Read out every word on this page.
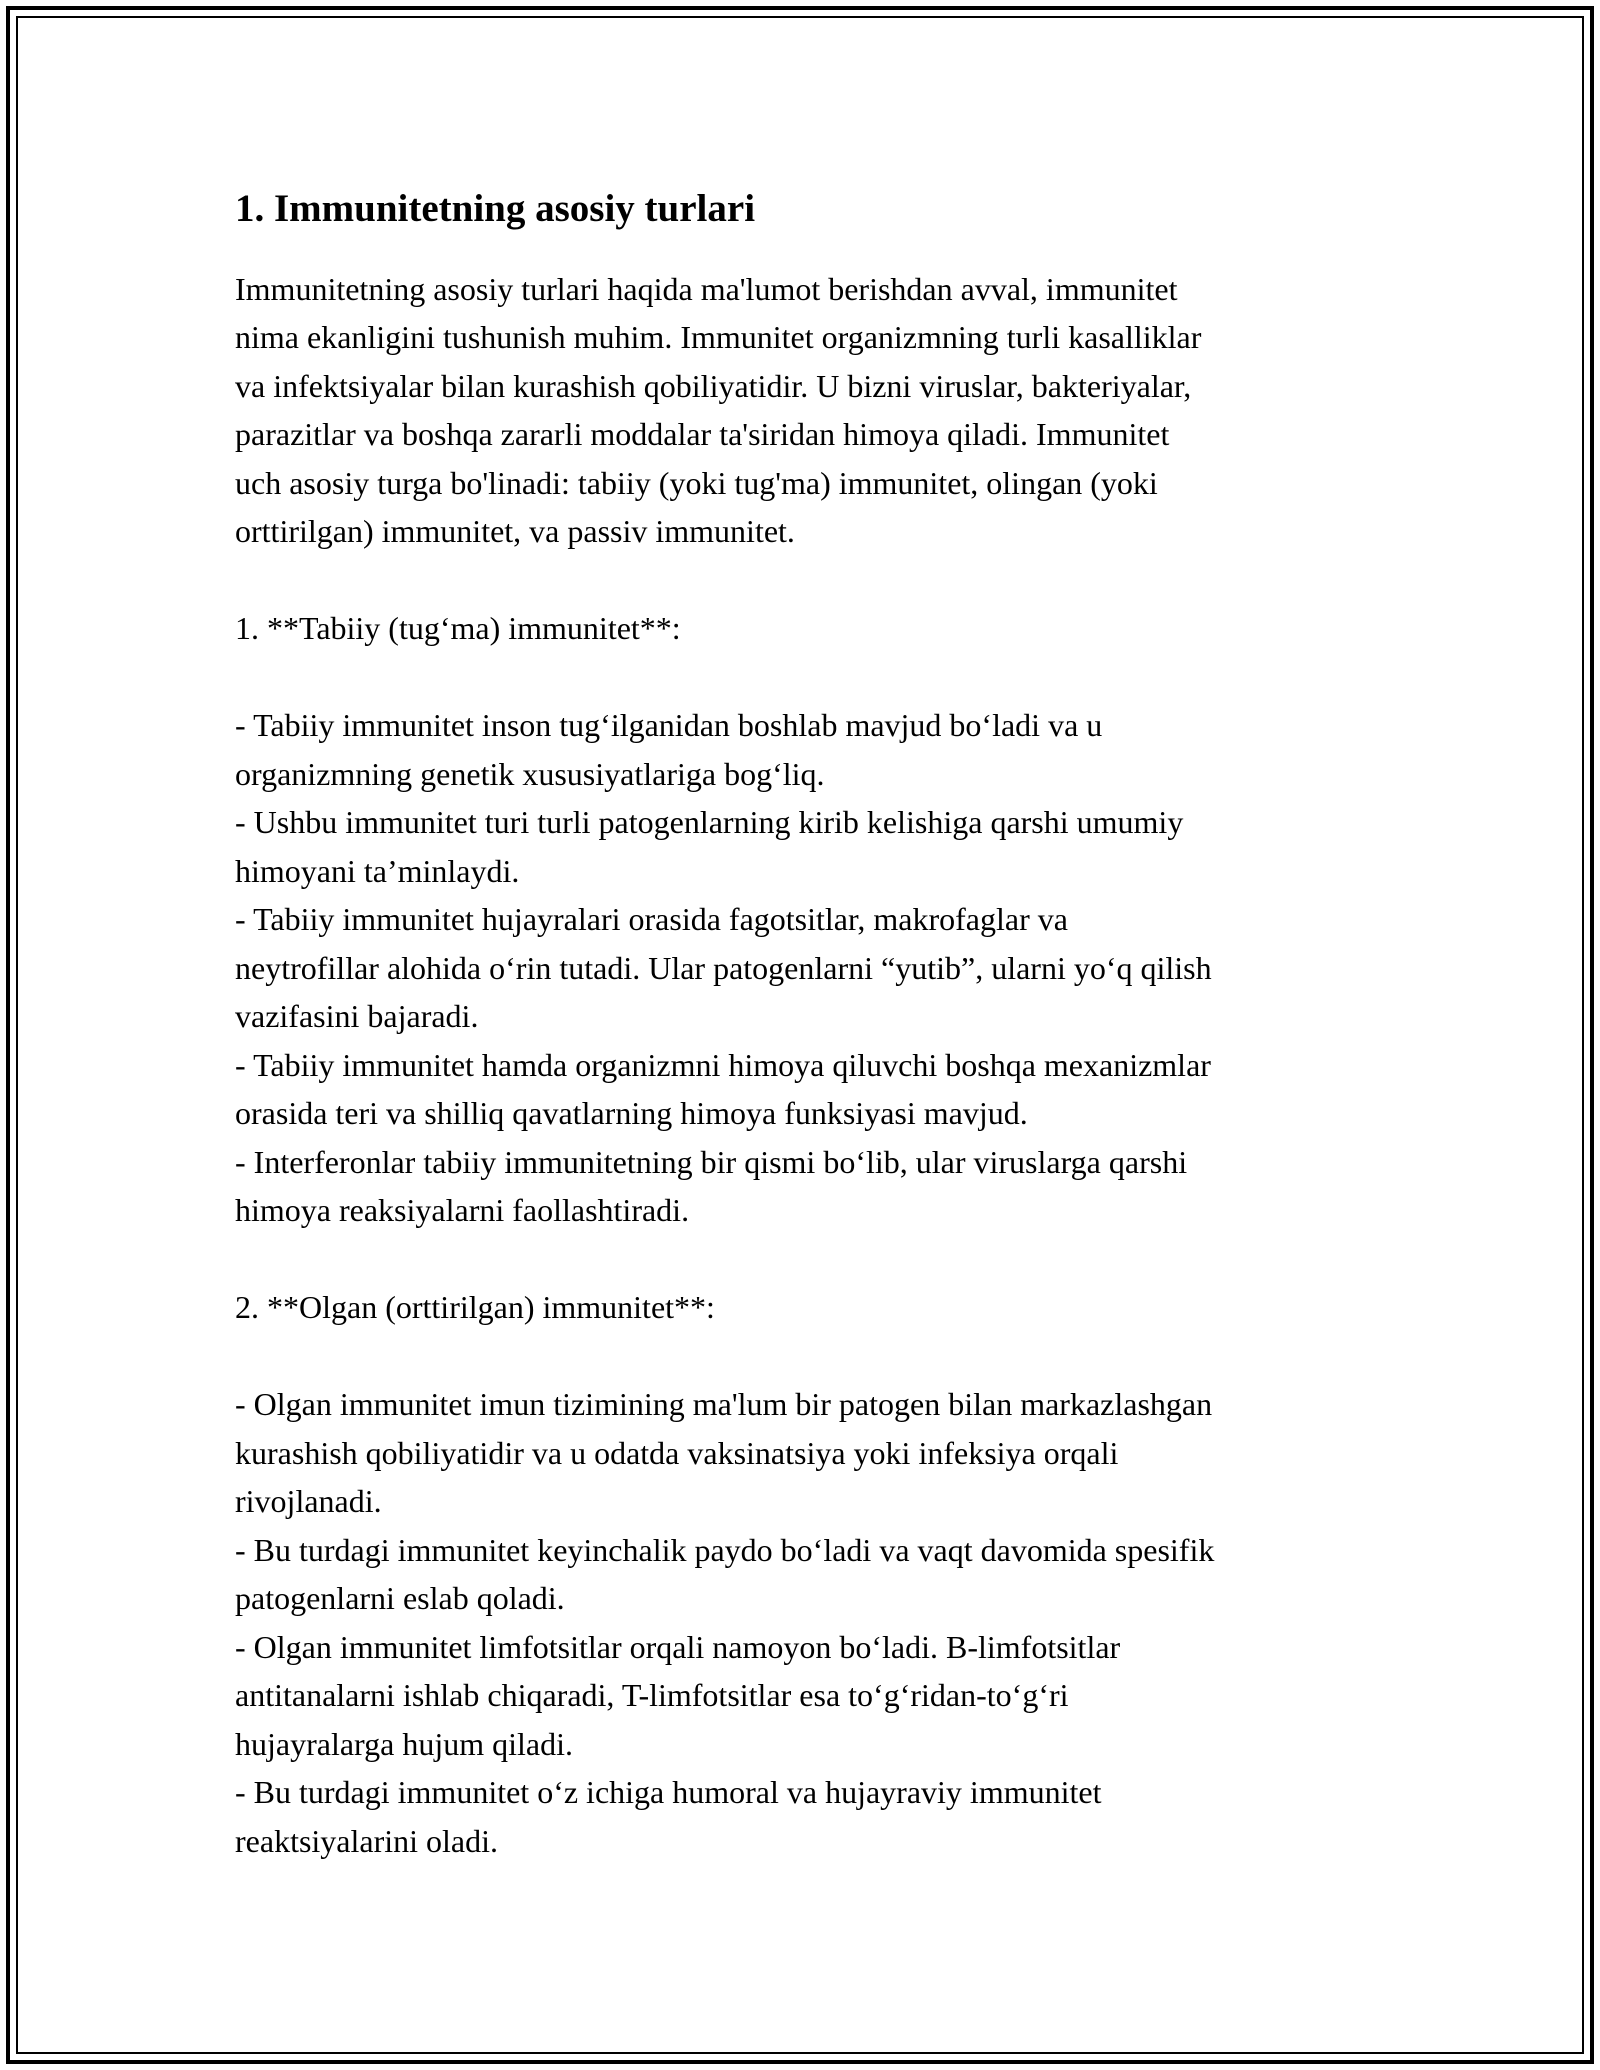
1. Immunitetning asosiy turlari

Immunitetning asosiy turlari haqida ma'lumot berishdan avval, immunitet
nima ekanligini tushunish muhim. Immunitet organizmning turli kasalliklar
va infektsiyalar bilan kurashish qobiliyatidir. U bizni viruslar, bakteriyalar,
parazitlar va boshqa zararli moddalar ta'siridan himoya qiladi. Immunitet
uch asosiy turga bo'linadi: tabiiy (yoki tug'ma) immunitet, olingan (yoki
orttirilgan) immunitet, va passiv immunitet.

1. **Tabiiy (tug‘ma) immunitet**:

- Tabiiy immunitet inson tug‘ilganidan boshlab mavjud bo‘ladi va u
organizmning genetik xususiyatlariga bog‘liq.

- Ushbu immunitet turi turli patogenlarning kirib kelishiga qarshi umumiy
himoyani ta’minlaydi.

- Tabiiy immunitet hujayralari orasida fagotsitlar, makrofaglar va
neytrofillar alohida o‘rin tutadi. Ular patogenlarni “yutib”, ularni yo‘q qilish
vazifasini bajaradi.

- Tabiiy immunitet hamda organizmni himoya qiluvchi boshqa mexanizmlar
orasida teri va shilliq qavatlarning himoya funksiyasi mavjud.

- Interferonlar tabiiy immunitetning bir qismi bo‘lib, ular viruslarga qarshi
himoya reaksiyalarni faollashtiradi.

2. **Olgan (orttirilgan) immunitet**:

- Olgan immunitet imun tizimining ma'lum bir patogen bilan markazlashgan
kurashish qobiliyatidir va u odatda vaksinatsiya yoki infeksiya orqali
rivojlanadi.

- Bu turdagi immunitet keyinchalik paydo bo‘ladi va vaqt davomida spesifik
patogenlarni eslab qoladi.

- Olgan immunitet limfotsitlar orqali namoyon bo‘ladi. B-limfotsitlar
antitanalarni ishlab chiqaradi, T-limfotsitlar esa to‘g‘ridan-to‘g‘ri
hujayralarga hujum qiladi.

- Bu turdagi immunitet o‘z ichiga humoral va hujayraviy immunitet
reaktsiyalarini oladi.
